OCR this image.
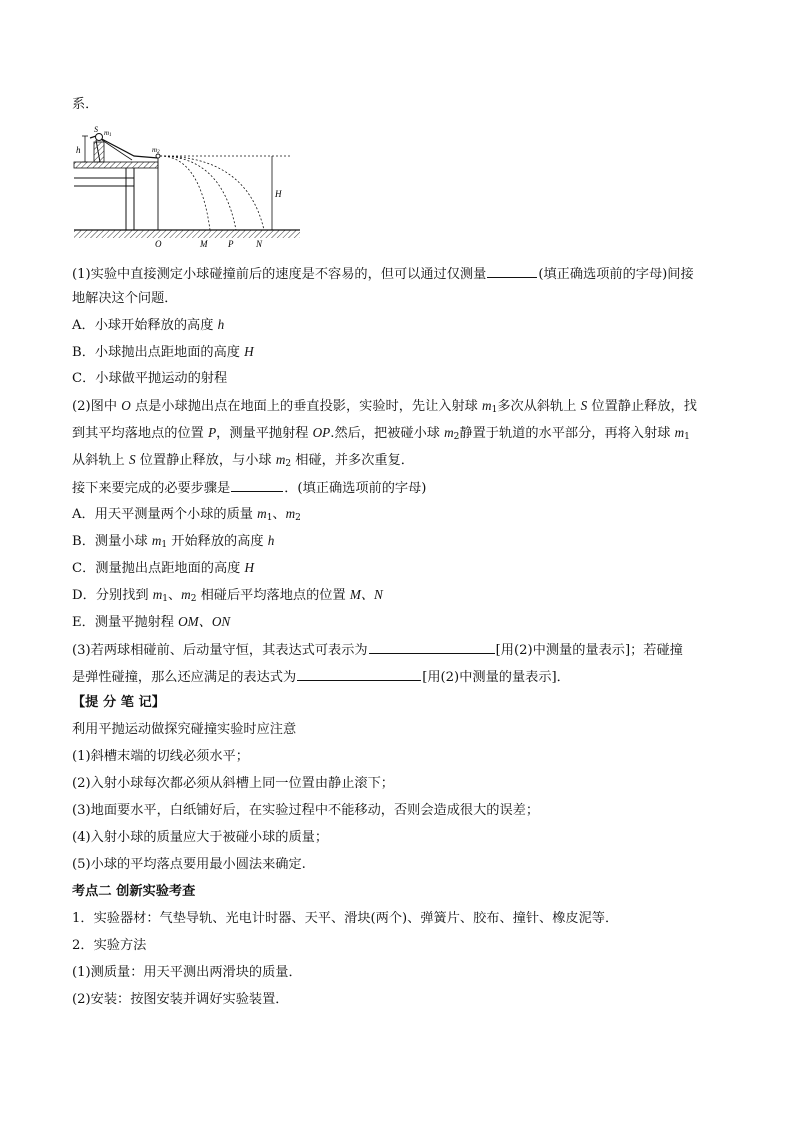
系．
S m1
m2
h
H
O	M P	N
(1)实验中直接测定小球碰撞前后的速度是不容易的，但可以通过仅测量	(填正确选项前的字母)间接
地解决这个问题．
A．小球开始释放的高度 h
B．小球抛出点距地面的高度 H
C．小球做平抛运动的射程
(2)图中 O 点是小球抛出点在地面上的垂直投影，实验时，先让入射球 $m_1$多次从斜轨上 S 位置静止释放，找
到其平均落地点的位置 P，测量平抛射程 OP.然后，把被碰小球 $m_2$静置于轨道的水平部分，再将入射球 $m_1$
从斜轨上 S 位置静止释放，与小球 $m_2$ 相碰，并多次重复．
接下来要完成的必要步骤是	．(填正确选项前的字母)
A．用天平测量两个小球的质量 $m_1$、$m_2$
B．测量小球 $m_1$ 开始释放的高度 h
C．测量抛出点距地面的高度 H
D．分别找到 $m_1$、$m_2$ 相碰后平均落地点的位置 M、N
E．测量平抛射程 OM、ON
(3)若两球相碰前、后动量守恒，其表达式可表示为	[用(2)中测量的量表示]；若碰撞
是弹性碰撞，那么还应满足的表达式为	[用(2)中测量的量表示]．
【提 分 笔 记】
利用平抛运动做探究碰撞实验时应注意
(1)斜槽末端的切线必须水平；
(2)入射小球每次都必须从斜槽上同一位置由静止滚下；
(3)地面要水平，白纸铺好后，在实验过程中不能移动，否则会造成很大的误差；
(4)入射小球的质量应大于被碰小球的质量；
(5)小球的平均落点要用最小圆法来确定.
考点二 创新实验考查
1．实验器材：气垫导轨、光电计时器、天平、滑块(两个)、弹簧片、胶布、撞针、橡皮泥等．
2．实验方法
(1)测质量：用天平测出两滑块的质量．
(2)安装：按图安装并调好实验装置．
